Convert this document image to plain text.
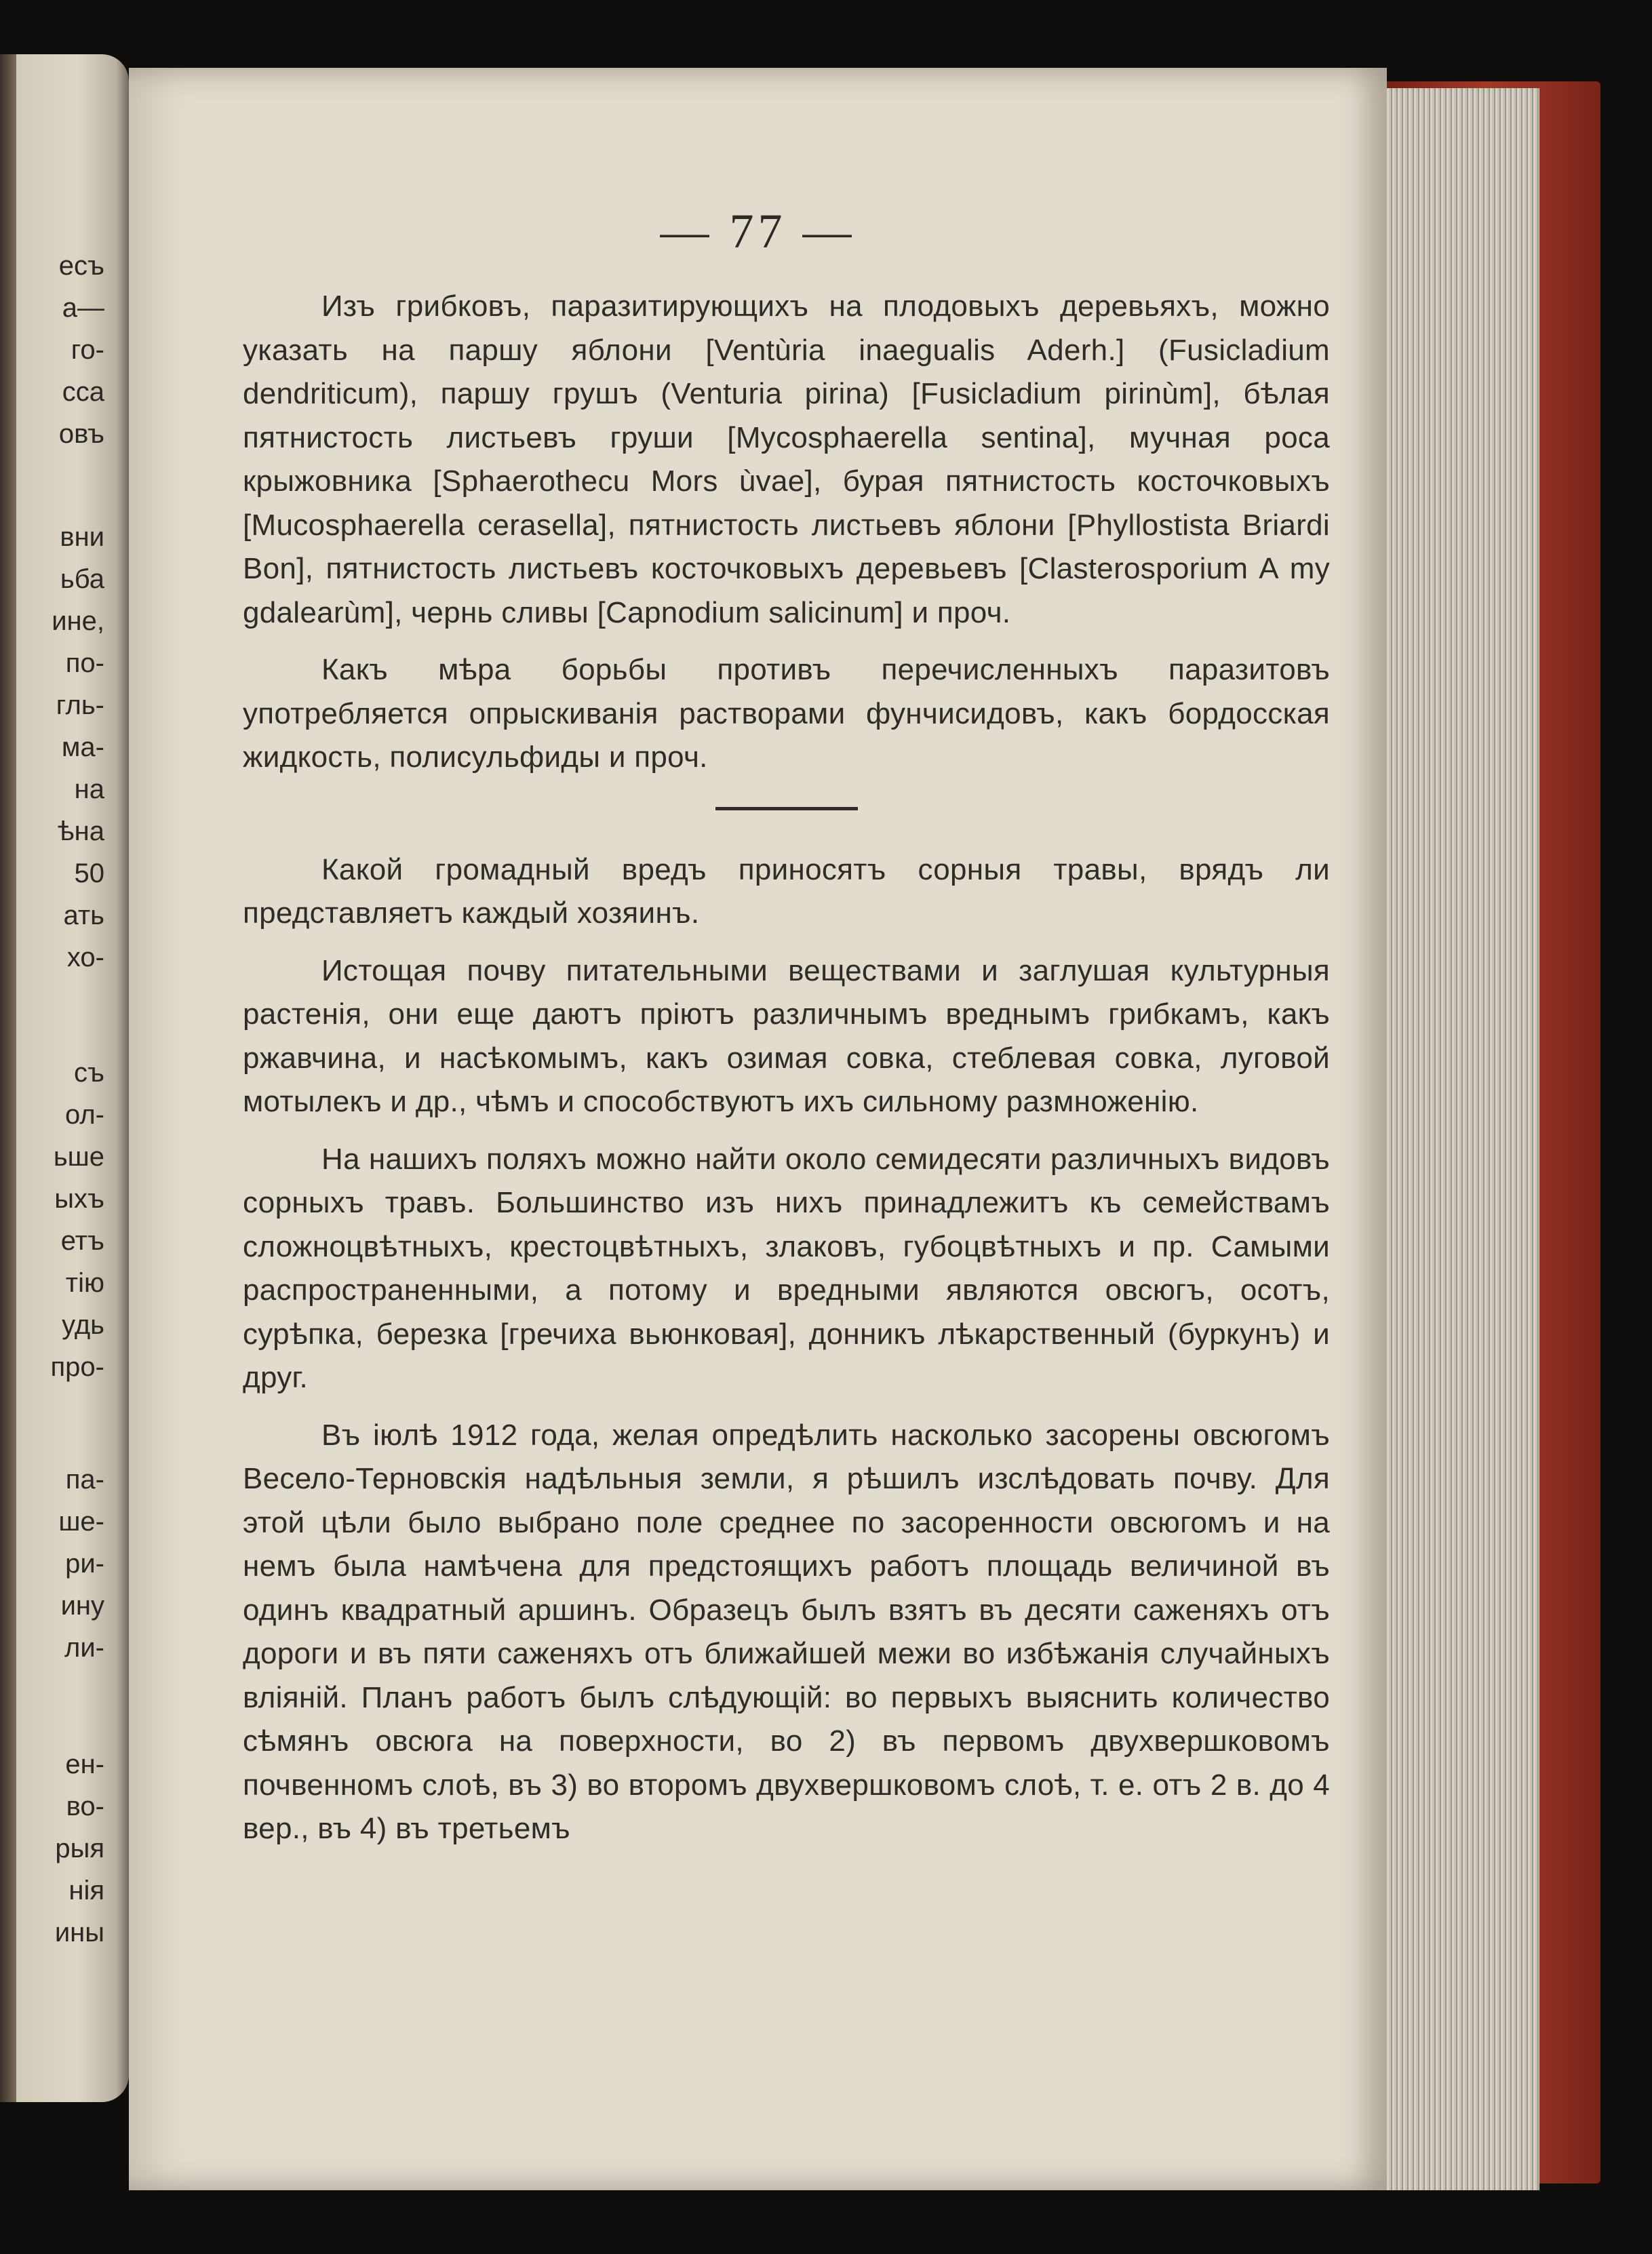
есъ
а—
го-
сса
овъ
вни
ьба
ине,
по-
гль-
ма-
на
ѣна
50
ать
хо-
съ
ол-
ьше
ыхъ
етъ
тію
удь
про-
па-
ше-
ри-
ину
ли-
ен-
во-
рыя
нія
ины
— 77 —

Изъ грибковъ, паразитирующихъ на плодовыхъ деревьяхъ, можно указать на паршу яблони [Ventùria inaegualis Aderh.] (Fusicladium dendriticum), паршу грушъ (Venturia pirina) [Fusicladium pirinùm], бѣлая пятнистость листьевъ груши [Mycosphaerella sentina], мучная роса крыжовника [Sphaerothecu Mors ùvae], бурая пятнистость косточковыхъ [Mucosphaerella cerasella], пятнистость листьевъ яблони [Phyllostista Briardi Bon], пятнистость листьевъ косточковыхъ деревьевъ [Clasterosporium A my gdalearùm], чернь сливы [Capnodium salicinum] и проч.

Какъ мѣра борьбы противъ перечисленныхъ паразитовъ употребляется опрыскиванія растворами фунчисидовъ, какъ бордосская жидкость, полисульфиды и проч.

Какой громадный вредъ приносятъ сорныя травы, врядъ ли представляетъ каждый хозяинъ.

Истощая почву питательными веществами и заглушая культурныя растенія, они еще даютъ пріютъ различнымъ вреднымъ грибкамъ, какъ ржавчина, и насѣкомымъ, какъ озимая совка, стеблевая совка, луговой мотылекъ и др., чѣмъ и способствуютъ ихъ сильному размноженію.

На нашихъ поляхъ можно найти около семидесяти различныхъ видовъ сорныхъ травъ. Большинство изъ нихъ принадлежитъ къ семействамъ сложноцвѣтныхъ, крестоцвѣтныхъ, злаковъ, губоцвѣтныхъ и пр. Самыми распространенными, а потому и вредными являются овсюгъ, осотъ, сурѣпка, березка [гречиха вьюнковая], донникъ лѣкарственный (буркунъ) и друг.

Въ іюлѣ 1912 года, желая опредѣлить насколько засорены овсюгомъ Весело-Терновскія надѣльныя земли, я рѣшилъ изслѣдовать почву. Для этой цѣли было выбрано поле среднее по засоренности овсюгомъ и на немъ была намѣчена для предстоящихъ работъ площадь величиной въ одинъ квадратный аршинъ. Образецъ былъ взятъ въ десяти саженяхъ отъ дороги и въ пяти саженяхъ отъ ближайшей межи во избѣжанія случайныхъ вліяній. Планъ работъ былъ слѣдующій: во первыхъ выяснить количество сѣмянъ овсюга на поверхности, во 2) въ первомъ двухвершковомъ почвенномъ слоѣ, въ 3) во второмъ двухвершковомъ слоѣ, т. е. отъ 2 в. до 4 вер., въ 4) въ третьемъ
